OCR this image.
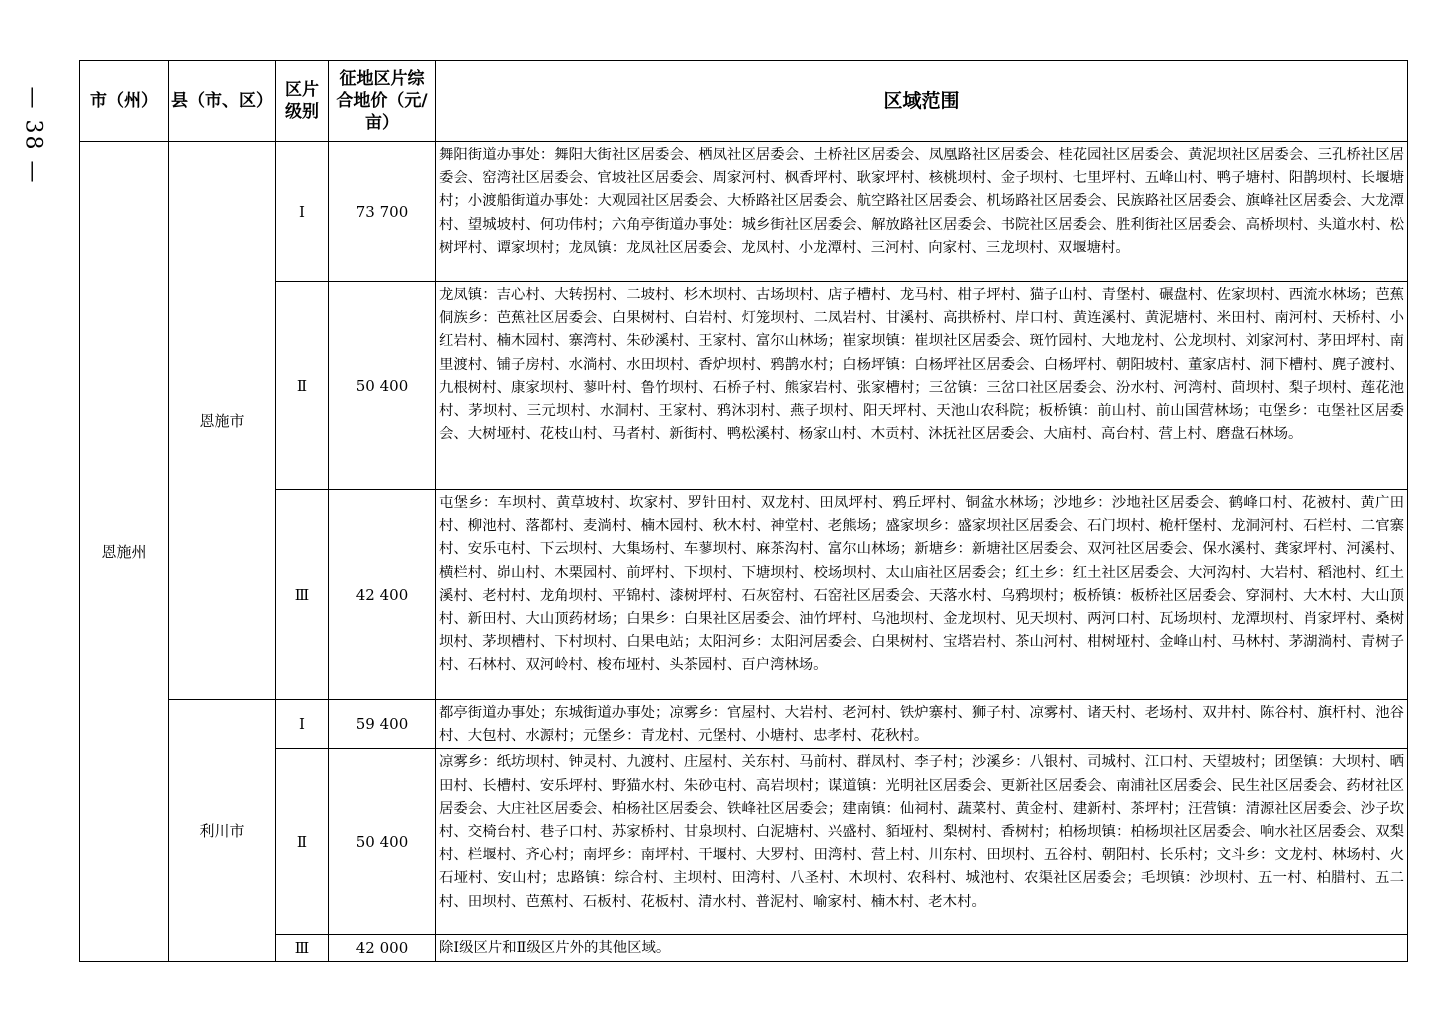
— 38 —	市（州）	县（市、区）	区片级别	征地区片综合地价（元/亩）	区域范围
恩施州	恩施市	Ⅰ	73 700	舞阳街道办事处：舞阳大街社区居委会、栖凤社区居委会、土桥社区居委会、凤凰路社区居委会、桂花园社区居委会、黄泥坝社区居委会、三孔桥社区居委会、窑湾社区居委会、官坡社区居委会、周家河村、枫香坪村、耿家坪村、核桃坝村、金子坝村、七里坪村、五峰山村、鸭子塘村、阳鹊坝村、长堰塘村；小渡船街道办事处：大观园社区居委会、大桥路社区居委会、航空路社区居委会、机场路社区居委会、民族路社区居委会、旗峰社区居委会、大龙潭村、望城坡村、何功伟村；六角亭街道办事处：城乡街社区居委会、解放路社区居委会、书院社区居委会、胜利街社区居委会、高桥坝村、头道水村、松树坪村、谭家坝村；龙凤镇：龙凤社区居委会、龙凤村、小龙潭村、三河村、向家村、三龙坝村、双堰塘村。
		Ⅱ	50 400	龙凤镇：吉心村、大转拐村、二坡村、杉木坝村、古场坝村、店子槽村、龙马村、柑子坪村、猫子山村、青堡村、碾盘村、佐家坝村、西流水林场；芭蕉侗族乡：芭蕉社区居委会、白果树村、白岩村、灯笼坝村、二凤岩村、甘溪村、高拱桥村、岸口村、黄连溪村、黄泥塘村、米田村、南河村、天桥村、小红岩村、楠木园村、寨湾村、朱砂溪村、王家村、富尔山林场；崔家坝镇：崔坝社区居委会、斑竹园村、大地龙村、公龙坝村、刘家河村、茅田坪村、南里渡村、铺子房村、水淌村、水田坝村、香炉坝村、鸦鹊水村；白杨坪镇：白杨坪社区居委会、白杨坪村、朝阳坡村、董家店村、洞下槽村、麂子渡村、九根树村、康家坝村、蓼叶村、鲁竹坝村、石桥子村、熊家岩村、张家槽村；三岔镇：三岔口社区居委会、汾水村、河湾村、茴坝村、梨子坝村、莲花池村、茅坝村、三元坝村、水洞村、王家村、鸦沐羽村、燕子坝村、阳天坪村、天池山农科院；板桥镇：前山村、前山国营林场；屯堡乡：屯堡社区居委会、大树垭村、花枝山村、马者村、新街村、鸭松溪村、杨家山村、木贡村、沐抚社区居委会、大庙村、高台村、营上村、磨盘石林场。
		Ⅲ	42 400	屯堡乡：车坝村、黄草坡村、坎家村、罗针田村、双龙村、田凤坪村、鸦丘坪村、铜盆水林场；沙地乡：沙地社区居委会、鹤峰口村、花被村、黄广田村、柳池村、落都村、麦淌村、楠木园村、秋木村、神堂村、老熊场；盛家坝乡：盛家坝社区居委会、石门坝村、桅杆堡村、龙洞河村、石栏村、二官寨村、安乐屯村、下云坝村、大集场村、车蓼坝村、麻茶沟村、富尔山林场；新塘乡：新塘社区居委会、双河社区居委会、保水溪村、龚家坪村、河溪村、横栏村、峁山村、木栗园村、前坪村、下坝村、下塘坝村、校场坝村、太山庙社区居委会；红土乡：红土社区居委会、大河沟村、大岩村、稻池村、红土溪村、老村村、龙角坝村、平锦村、漆树坪村、石灰窑村、石窑社区居委会、天落水村、乌鸦坝村；板桥镇：板桥社区居委会、穿洞村、大木村、大山顶村、新田村、大山顶药材场；白果乡：白果社区居委会、油竹坪村、乌池坝村、金龙坝村、见天坝村、两河口村、瓦场坝村、龙潭坝村、肖家坪村、桑树坝村、茅坝槽村、下村坝村、白果电站；太阳河乡：太阳河居委会、白果树村、宝塔岩村、茶山河村、柑树垭村、金峰山村、马林村、茅湖淌村、青树子村、石林村、双河岭村、梭布垭村、头茶园村、百户湾林场。
	利川市	Ⅰ	59 400	都亭街道办事处；东城街道办事处；凉雾乡：官屋村、大岩村、老河村、铁炉寨村、狮子村、凉雾村、诸天村、老场村、双井村、陈谷村、旗杆村、池谷村、大包村、水源村；元堡乡：青龙村、元堡村、小塘村、忠孝村、花秋村。
		Ⅱ	50 400	凉雾乡：纸坊坝村、钟灵村、九渡村、庄屋村、关东村、马前村、群凤村、李子村；沙溪乡：八银村、司城村、江口村、天望坡村；团堡镇：大坝村、晒田村、长槽村、安乐坪村、野猫水村、朱砂屯村、高岩坝村；谋道镇：光明社区居委会、更新社区居委会、南浦社区居委会、民生社区居委会、药材社区居委会、大庄社区居委会、柏杨社区居委会、铁峰社区居委会；建南镇：仙祠村、蔬菜村、黄金村、建新村、茶坪村；汪营镇：清源社区居委会、沙子坎村、交椅台村、巷子口村、苏家桥村、甘泉坝村、白泥塘村、兴盛村、貊垭村、梨树村、香树村；柏杨坝镇：柏杨坝社区居委会、响水社区居委会、双梨村、栏堰村、齐心村；南坪乡：南坪村、干堰村、大罗村、田湾村、营上村、川东村、田坝村、五谷村、朝阳村、长乐村；文斗乡：文龙村、林场村、火石垭村、安山村；忠路镇：综合村、主坝村、田湾村、八圣村、木坝村、农科村、城池村、农渠社区居委会；毛坝镇：沙坝村、五一村、柏腊村、五二村、田坝村、芭蕉村、石板村、花板村、清水村、普泥村、喻家村、楠木村、老木村。
		Ⅲ	42 000	除Ⅰ级区片和Ⅱ级区片外的其他区域。
